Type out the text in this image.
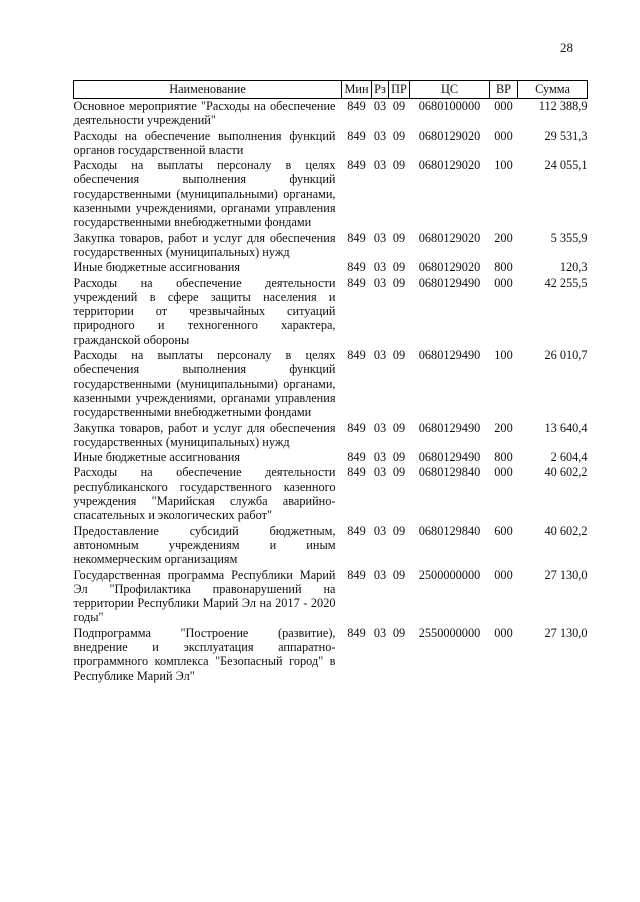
28
Наименование	Мин	Рз	ПР	ЦС	ВР	Сумма
Основное мероприятие "Расходы на обеспечение деятельности учреждений"	849	03	09	0680100000	000	112 388,9
Расходы на обеспечение выполнения функций органов государственной власти	849	03	09	0680129020	000	29 531,3
Расходы на выплаты персоналу в целях обеспечения выполнения функций государственными (муниципальными) органами, казенными учреждениями, органами управления государственными внебюджетными фондами	849	03	09	0680129020	100	24 055,1
Закупка товаров, работ и услуг для обеспечения государственных (муниципальных) нужд	849	03	09	0680129020	200	5 355,9
Иные бюджетные ассигнования	849	03	09	0680129020	800	120,3
Расходы на обеспечение деятельности учреждений в сфере защиты населения и территории от чрезвычайных ситуаций природного и техногенного характера, гражданской обороны	849	03	09	0680129490	000	42 255,5
Расходы на выплаты персоналу в целях обеспечения выполнения функций государственными (муниципальными) органами, казенными учреждениями, органами управления государственными внебюджетными фондами	849	03	09	0680129490	100	26 010,7
Закупка товаров, работ и услуг для обеспечения государственных (муниципальных) нужд	849	03	09	0680129490	200	13 640,4
Иные бюджетные ассигнования	849	03	09	0680129490	800	2 604,4
Расходы на обеспечение деятельности республиканского государственного казенного учреждения "Марийская служба аварийно-спасательных и экологических работ"	849	03	09	0680129840	000	40 602,2
Предоставление субсидий бюджетным, автономным учреждениям и иным некоммерческим организациям	849	03	09	0680129840	600	40 602,2
Государственная программа Республики Марий Эл "Профилактика правонарушений на территории Республики Марий Эл на 2017 - 2020 годы"	849	03	09	2500000000	000	27 130,0
Подпрограмма "Построение (развитие), внедрение и эксплуатация аппаратно-программного комплекса "Безопасный город" в Республике Марий Эл"	849	03	09	2550000000	000	27 130,0
